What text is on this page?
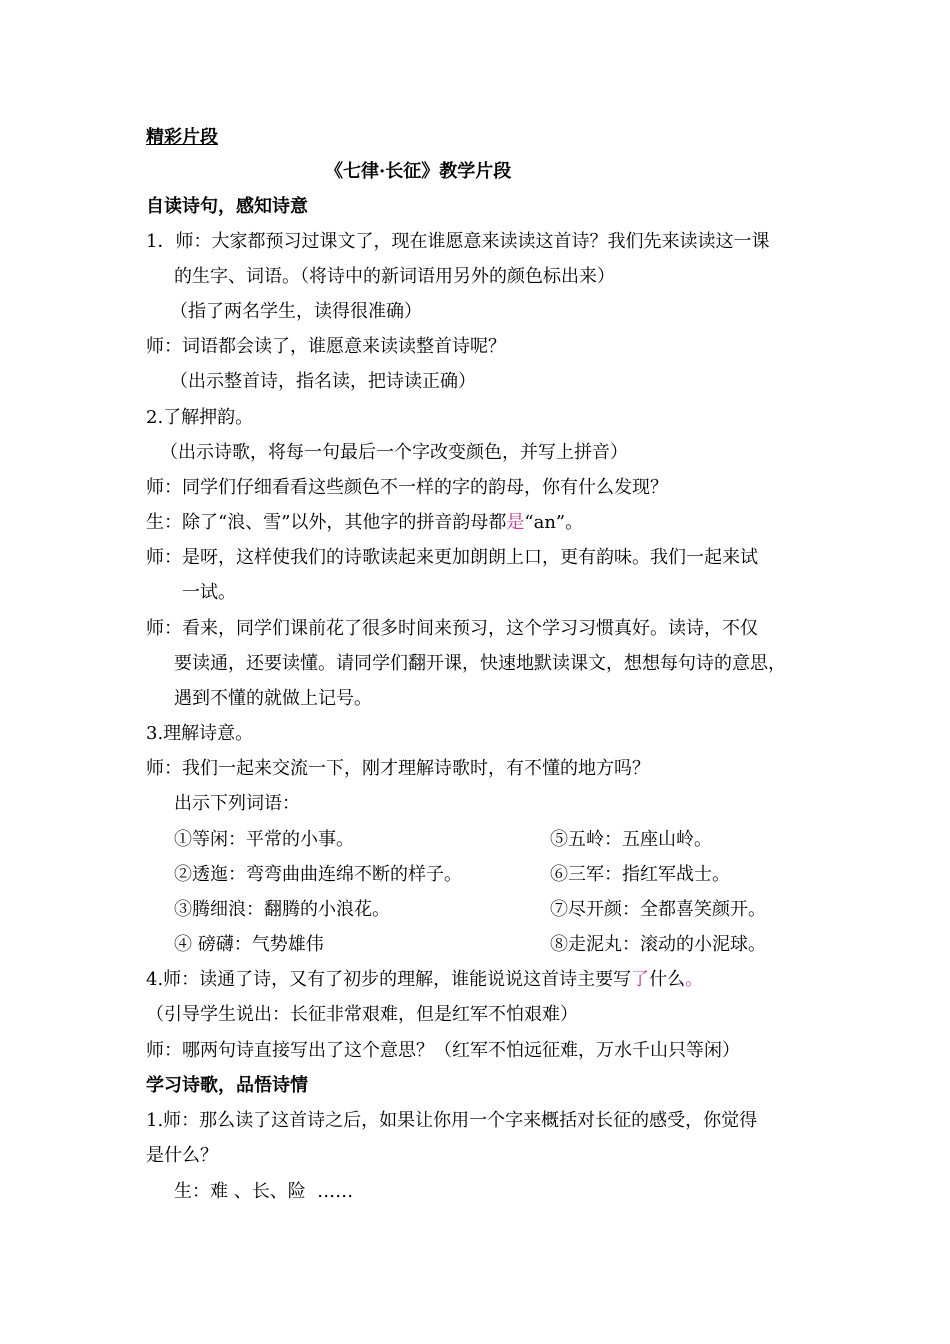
精彩片段
《七律·长征》教学片段
自读诗句，感知诗意
1．师：大家都预习过课文了，现在谁愿意来读读这首诗？我们先来读读这一课
的生字、词语。（将诗中的新词语用另外的颜色标出来）
（指了两名学生，读得很准确）
师：词语都会读了，谁愿意来读读整首诗呢？
（出示整首诗，指名读，把诗读正确）
2.了解押韵。
（出示诗歌，将每一句最后一个字改变颜色，并写上拼音）
师：同学们仔细看看这些颜色不一样的字的韵母，你有什么发现？
生：除了“浪、雪”以外，其他字的拼音韵母都是“an”。
师：是呀，这样使我们的诗歌读起来更加朗朗上口，更有韵味。我们一起来试
一试。
师：看来，同学们课前花了很多时间来预习，这个学习习惯真好。读诗，不仅
要读通，还要读懂。请同学们翻开课，快速地默读课文，想想每句诗的意思，
遇到不懂的就做上记号。
3.理解诗意。
师：我们一起来交流一下，刚才理解诗歌时，有不懂的地方吗？
出示下列词语：
①等闲：平常的小事。	⑤五岭：五座山岭。
②透迤：弯弯曲曲连绵不断的样子。	⑥三军：指红军战士。
③腾细浪：翻腾的小浪花。	⑦尽开颜：全都喜笑颜开。
④ 磅礴：气势雄伟	⑧走泥丸：滚动的小泥球。
4.师：读通了诗，又有了初步的理解，谁能说说这首诗主要写了什么。
（引导学生说出：长征非常艰难，但是红军不怕艰难）
师：哪两句诗直接写出了这个意思？（红军不怕远征难，万水千山只等闲）
学习诗歌，品悟诗情
1.师：那么读了这首诗之后，如果让你用一个字来概括对长征的感受，你觉得
是什么？
生：难 、长、险  ……
